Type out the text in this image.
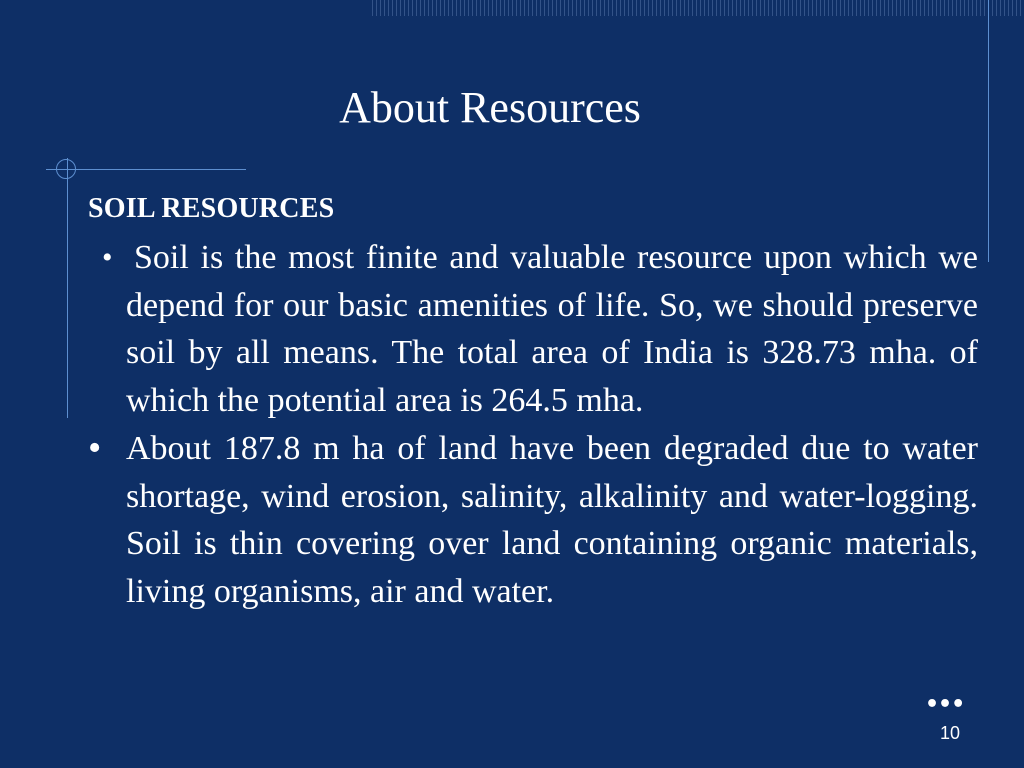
About Resources
SOIL RESOURCES
• Soil is the most finite and valuable resource upon which we depend for our basic amenities of life. So, we should preserve soil by all means. The total area of India is 328.73 mha. of which the potential area is 264.5 mha.
• About 187.8 m ha of land have been degraded due to water shortage, wind erosion, salinity, alkalinity and water-logging. Soil is thin covering over land containing organic materials, living organisms, air and water.
•••
10
